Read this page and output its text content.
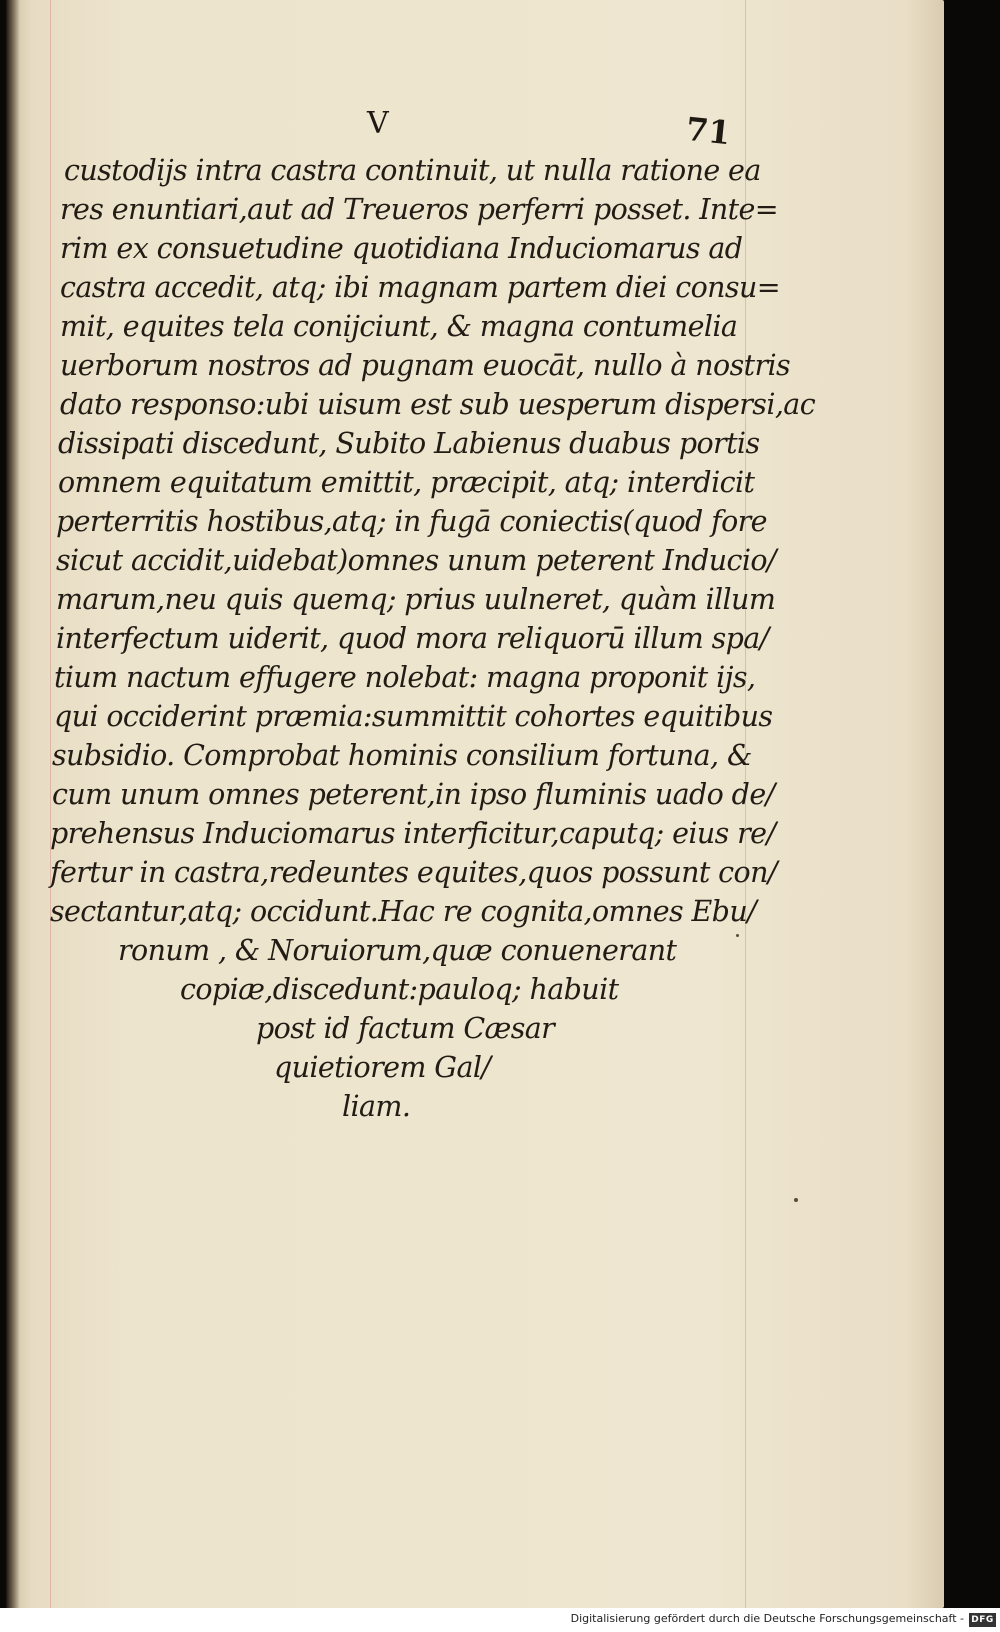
V	71
custodijs intra castra continuit, ut nulla ratione ea
res enuntiari,aut ad Treueros perferri posset. Inte=
rim ex consuetudine quotidiana Induciomarus ad
castra accedit, atq; ibi magnam partem diei consu=
mit, equites tela conijciunt, & magna contumelia
uerborum nostros ad pugnam euocāt, nullo à nostris
dato responso:ubi uisum est sub uesperum dispersi,ac
dissipati discedunt, Subito Labienus duabus portis
omnem equitatum emittit, præcipit, atq; interdicit
perterritis hostibus,atq; in fugā coniectis(quod fore
sicut accidit,uidebat)omnes unum peterent Inducio/
marum,neu quis quemq; prius uulneret, quàm illum
interfectum uiderit, quod mora reliquorū illum spa/
tium nactum effugere nolebat: magna proponit ijs,
qui occiderint præmia:summittit cohortes equitibus
subsidio. Comprobat hominis consilium fortuna, &
cum unum omnes peterent,in ipso fluminis uado de/
prehensus Induciomarus interficitur,caputq; eius re/
fertur in castra,redeuntes equites,quos possunt con/
sectantur,atq; occidunt.Hac re cognita,omnes Ebu/
ronum , & Noruiorum,quæ conuenerant
copiæ,discedunt:pauloq; habuit
post id factum Cæsar
quietiorem Gal/
liam.
Digitalisierung gefördert durch die Deutsche Forschungsgemeinschaft - DFG
